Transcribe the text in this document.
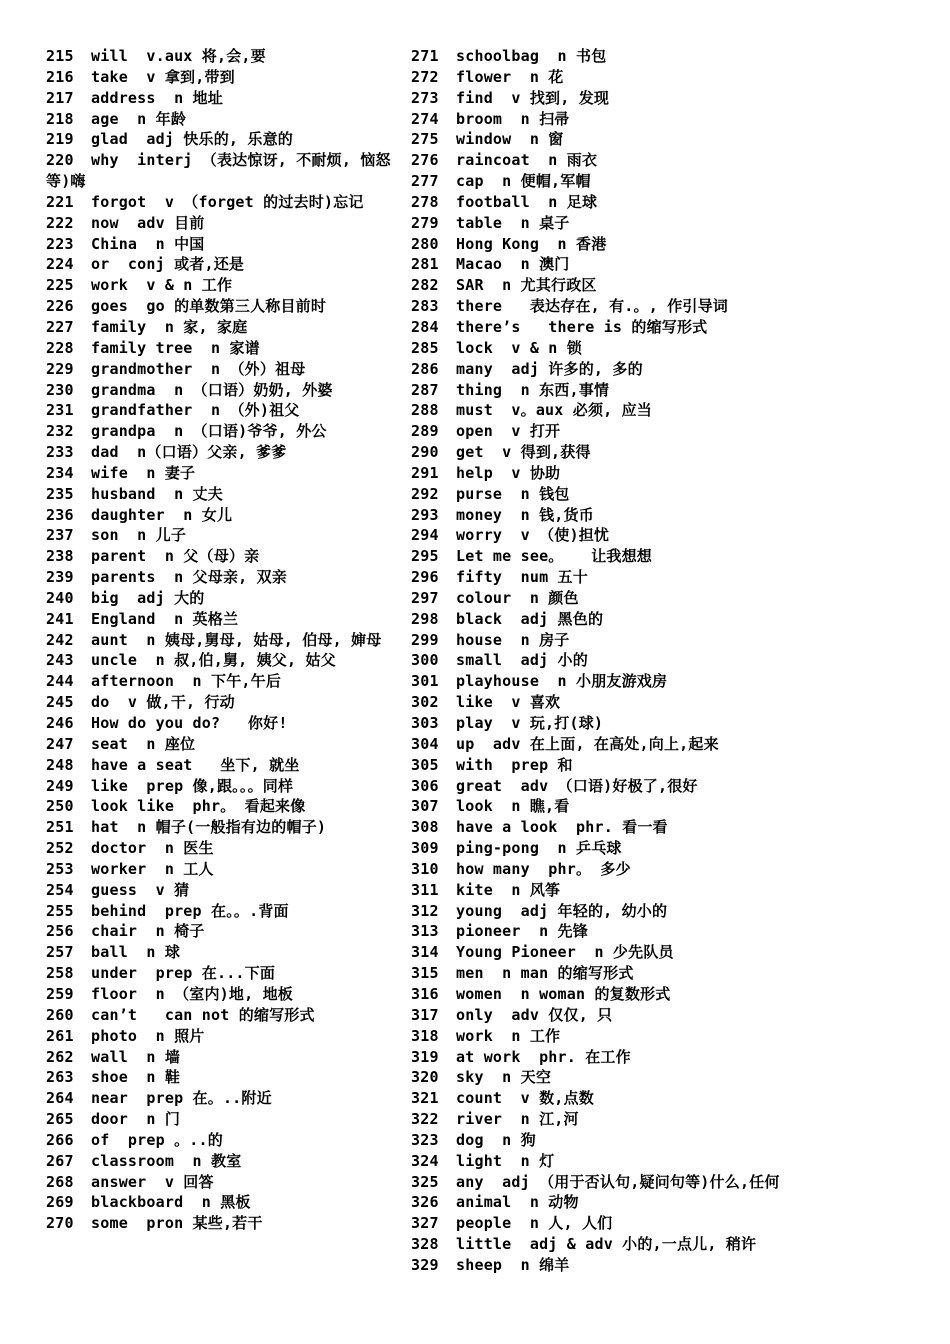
215 will  v.aux 将,会,要
216 take  v 拿到,带到
217 address  n 地址
218 age  n 年龄
219 glad  adj 快乐的, 乐意的
220 why  interj （表达惊讶, 不耐烦, 恼怒等)嗨
221 forgot  v （forget 的过去时)忘记
222 now  adv 目前
223 China  n 中国
224 or  conj 或者,还是
225 work  v & n 工作
226 goes  go 的单数第三人称目前时
227 family  n 家, 家庭
228 family tree  n 家谱
229 grandmother  n （外）祖母
230 grandma  n （口语）奶奶, 外婆
231 grandfather  n （外)祖父
232 grandpa  n （口语)爷爷, 外公
233 dad  n（口语）父亲, 爹爹
234 wife  n 妻子
235 husband  n 丈夫
236 daughter  n 女儿
237 son  n 儿子
238 parent  n 父（母）亲
239 parents  n 父母亲, 双亲
240 big  adj 大的
241 England  n 英格兰
242 aunt  n 姨母,舅母, 姑母, 伯母, 婶母
243 uncle  n 叔,伯,舅, 姨父, 姑父
244 afternoon  n 下午,午后
245 do  v 做,干, 行动
246 How do you do?   你好!
247 seat  n 座位
248 have a seat   坐下, 就坐
249 like  prep 像,跟。。。同样
250 look like  phr。 看起来像
251 hat  n 帽子(一般指有边的帽子)
252 doctor  n 医生
253 worker  n 工人
254 guess  v 猜
255 behind  prep 在。。.背面
256 chair  n 椅子
257 ball  n 球
258 under  prep 在...下面
259 floor  n （室内)地, 地板
260 can’t   can not 的缩写形式
261 photo  n 照片
262 wall  n 墙
263 shoe  n 鞋
264 near  prep 在。..附近
265 door  n 门
266 of  prep 。..的
267 classroom  n 教室
268 answer  v 回答
269 blackboard  n 黑板
270 some  pron 某些,若干
271 schoolbag  n 书包
272 flower  n 花
273 find  v 找到, 发现
274 broom  n 扫帚
275 window  n 窗
276 raincoat  n 雨衣
277 cap  n 便帽,军帽
278 football  n 足球
279 table  n 桌子
280 Hong Kong  n 香港
281 Macao  n 澳门
282 SAR  n 尤其行政区
283 there   表达存在, 有.。, 作引导词
284 there’s   there is 的缩写形式
285 lock  v & n 锁
286 many  adj 许多的, 多的
287 thing  n 东西,事情
288 must  v。aux 必须, 应当
289 open  v 打开
290 get  v 得到,获得
291 help  v 协助
292 purse  n 钱包
293 money  n 钱,货币
294 worry  v （使)担忧
295 Let me see。   让我想想
296 fifty  num 五十
297 colour  n 颜色
298 black  adj 黑色的
299 house  n 房子
300 small  adj 小的
301 playhouse  n 小朋友游戏房
302 like  v 喜欢
303 play  v 玩,打(球)
304 up  adv 在上面, 在高处,向上,起来
305 with  prep 和
306 great  adv （口语)好极了,很好
307 look  n 瞧,看
308 have a look  phr. 看一看
309 ping-pong  n 乒乓球
310 how many  phr。 多少
311 kite  n 风筝
312 young  adj 年轻的, 幼小的
313 pioneer  n 先锋
314 Young Pioneer  n 少先队员
315 men  n man 的缩写形式
316 women  n woman 的复数形式
317 only  adv 仅仅, 只
318 work  n 工作
319 at work  phr. 在工作
320 sky  n 天空
321 count  v 数,点数
322 river  n 江,河
323 dog  n 狗
324 light  n 灯
325 any  adj （用于否认句,疑问句等)什么,任何
326 animal  n 动物
327 people  n 人, 人们
328 little  adj & adv 小的,一点儿, 稍许
329 sheep  n 绵羊
